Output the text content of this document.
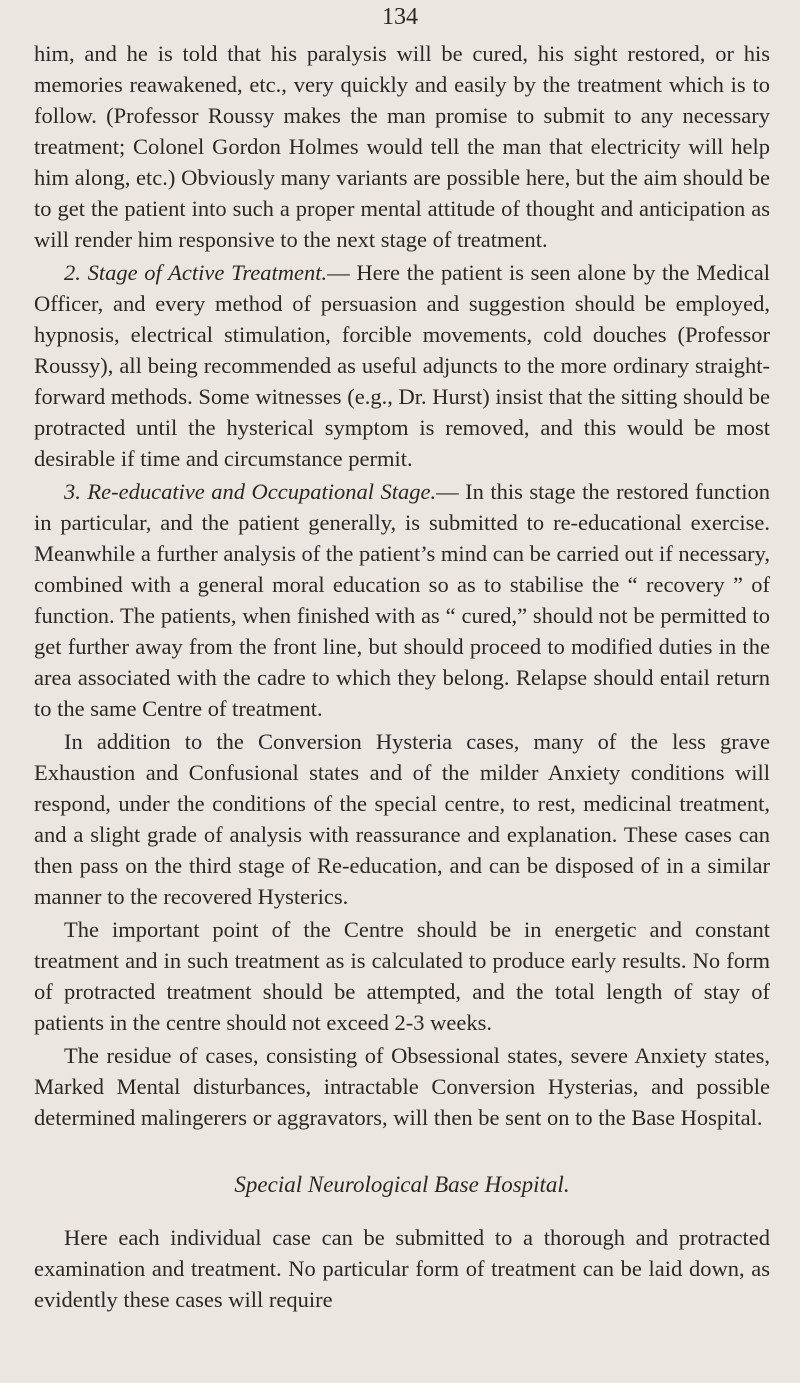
134

him, and he is told that his paralysis will be cured, his sight restored, or his memories reawakened, etc., very quickly and easily by the treatment which is to follow. (Professor Roussy makes the man promise to submit to any necessary treatment; Colonel Gordon Holmes would tell the man that electricity will help him along, etc.) Obviously many variants are possible here, but the aim should be to get the patient into such a proper mental attitude of thought and anticipation as will render him responsive to the next stage of treatment.

2. Stage of Active Treatment.— Here the patient is seen alone by the Medical Officer, and every method of persuasion and suggestion should be employed, hypnosis, electrical stimulation, forcible movements, cold douches (Professor Roussy), all being recommended as useful adjuncts to the more ordinary straight-forward methods. Some witnesses (e.g., Dr. Hurst) insist that the sitting should be protracted until the hysterical symptom is removed, and this would be most desirable if time and circumstance permit.

3. Re-educative and Occupational Stage.— In this stage the restored function in particular, and the patient generally, is submitted to re-educational exercise. Meanwhile a further analysis of the patient’s mind can be carried out if necessary, combined with a general moral education so as to stabilise the “ recovery ” of function. The patients, when finished with as “ cured,” should not be permitted to get further away from the front line, but should proceed to modified duties in the area associated with the cadre to which they belong. Relapse should entail return to the same Centre of treatment.

In addition to the Conversion Hysteria cases, many of the less grave Exhaustion and Confusional states and of the milder Anxiety conditions will respond, under the conditions of the special centre, to rest, medicinal treatment, and a slight grade of analysis with reassurance and explanation. These cases can then pass on the third stage of Re-education, and can be disposed of in a similar manner to the recovered Hysterics.

The important point of the Centre should be in energetic and constant treatment and in such treatment as is calculated to produce early results. No form of protracted treatment should be attempted, and the total length of stay of patients in the centre should not exceed 2-3 weeks.

The residue of cases, consisting of Obsessional states, severe Anxiety states, Marked Mental disturbances, intractable Conversion Hysterias, and possible determined malingerers or aggravators, will then be sent on to the Base Hospital.

Special Neurological Base Hospital.

Here each individual case can be submitted to a thorough and protracted examination and treatment. No particular form of treatment can be laid down, as evidently these cases will require
